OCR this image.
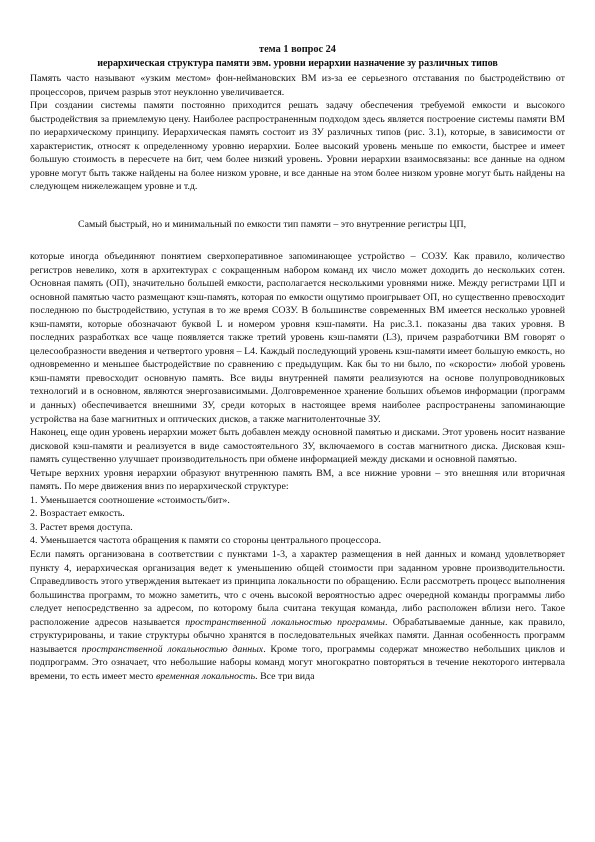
тема 1 вопрос 24
иерархическая структура памяти эвм. уровни иерархии назначение зу различных типов

Память часто называют «узким местом» фон-неймановских ВМ из-за ее серьезного отставания по быстродействию от процессоров, причем разрыв этот неуклонно увеличивается.

При создании системы памяти постоянно приходится решать задачу обеспечения требуемой емкости и высокого быстродействия за приемлемую цену. Наиболее распространенным подходом здесь является построение системы памяти ВМ по иерархическому принципу. Иерархическая память состоит из ЗУ различных типов (рис. 3.1), которые, в зависимости от характеристик, относят к определенному уровню иерархии. Более высокий уровень меньше по емкости, быстрее и имеет большую стоимость в пересчете на бит, чем более низкий уровень. Уровни иерархии взаимосвязаны: все данные на одном уровне могут быть также найдены на более низком уровне, и все данные на этом более низком уровне могут быть найдены на следующем нижележащем уровне и т.д.

Самый быстрый, но и минимальный по емкости тип памяти – это внутренние регистры ЦП,

которые иногда объединяют понятием сверхоперативное запоминающее устройство – СОЗУ. Как правило, количество регистров невелико, хотя в архитектурах с сокращенным набором команд их число может доходить до нескольких сотен. Основная память (ОП), значительно большей емкости, располагается несколькими уровнями ниже. Между регистрами ЦП и основной памятью часто размещают кэш-память, которая по емкости ощутимо проигрывает ОП, но существенно превосходит последнюю по быстродействию, уступая в то же время СОЗУ. В большинстве современных ВМ имеется несколько уровней кэш-памяти, которые обозначают буквой L и номером уровня кэш-памяти. На рис.3.1. показаны два таких уровня. В последних разработках все чаще появляется также третий уровень кэш-памяти (L3), причем разработчики ВМ говорят о целесообразности введения и четвертого уровня – L4. Каждый последующий уровень кэш-памяти имеет большую емкость, но одновременно и меньшее быстродействие по сравнению с предыдущим. Как бы то ни было, по «скорости» любой уровень кэш-памяти превосходит основную память. Все виды внутренней памяти реализуются на основе полупроводниковых технологий и в основном, являются энергозависимыми. Долговременное хранение больших объемов информации (программ и данных) обеспечивается внешними ЗУ, среди которых в настоящее время наиболее распространены запоминающие устройства на базе магнитных и оптических дисков, а также магнитоленточные ЗУ.

Наконец, еще один уровень иерархии может быть добавлен между основной памятью и дисками. Этот уровень носит название дисковой кэш-памяти и реализуется в виде самостоятельного ЗУ, включаемого в состав магнитного диска. Дисковая кэш-память существенно улучшает производительность при обмене информацией между дисками и основной памятью.

Четыре верхних уровня иерархии образуют внутреннюю память ВМ, а все нижние уровни – это внешняя или вторичная память. По мере движения вниз по иерархической структуре:

1. Уменьшается соотношение «стоимость/бит».

2. Возрастает емкость.

3. Растет время доступа.

4. Уменьшается частота обращения к памяти со стороны центрального процессора.

Если память организована в соответствии с пунктами 1-3, а характер размещения в ней данных и команд удовлетворяет пункту 4, иерархическая организация ведет к уменьшению общей стоимости при заданном уровне производительности. Справедливость этого утверждения вытекает из принципа локальности по обращению. Если рассмотреть процесс выполнения большинства программ, то можно заметить, что с очень высокой вероятностью адрес очередной команды программы либо следует непосредственно за адресом, по которому была считана текущая команда, либо расположен вблизи него. Такое расположение адресов называется пространственной локальностью программы. Обрабатываемые данные, как правило, структурированы, и такие структуры обычно хранятся в последовательных ячейках памяти. Данная особенность программ называется пространственной локальностью данных. Кроме того, программы содержат множество небольших циклов и подпрограмм. Это означает, что небольшие наборы команд могут многократно повторяться в течение некоторого интервала времени, то есть имеет место временная локальность. Все три вида
